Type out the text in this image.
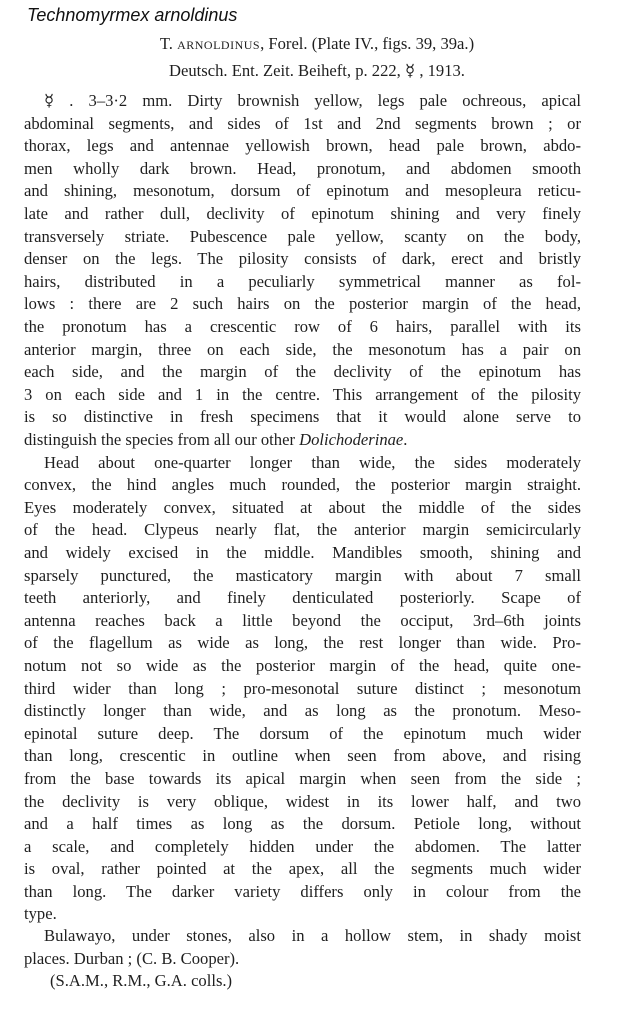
Technomyrmex arnoldinus
T. arnoldinus, Forel. (Plate IV., figs. 39, 39a.)
Deutsch. Ent. Zeit. Beiheft, p. 222, ☿ , 1913.
☿ . 3–3·2 mm. Dirty brownish yellow, legs pale ochreous, apical
abdominal segments, and sides of 1st and 2nd segments brown ; or
thorax, legs and antennae yellowish brown, head pale brown, abdo-
men wholly dark brown. Head, pronotum, and abdomen smooth
and shining, mesonotum, dorsum of epinotum and mesopleura reticu-
late and rather dull, declivity of epinotum shining and very finely
transversely striate. Pubescence pale yellow, scanty on the body,
denser on the legs. The pilosity consists of dark, erect and bristly
hairs, distributed in a peculiarly symmetrical manner as fol-
lows : there are 2 such hairs on the posterior margin of the head,
the pronotum has a crescentic row of 6 hairs, parallel with its
anterior margin, three on each side, the mesonotum has a pair on
each side, and the margin of the declivity of the epinotum has
3 on each side and 1 in the centre. This arrangement of the pilosity
is so distinctive in fresh specimens that it would alone serve to
distinguish the species from all our other Dolichoderinae.
Head about one-quarter longer than wide, the sides moderately
convex, the hind angles much rounded, the posterior margin straight.
Eyes moderately convex, situated at about the middle of the sides
of the head. Clypeus nearly flat, the anterior margin semicircularly
and widely excised in the middle. Mandibles smooth, shining and
sparsely punctured, the masticatory margin with about 7 small
teeth anteriorly, and finely denticulated posteriorly. Scape of
antenna reaches back a little beyond the occiput, 3rd–6th joints
of the flagellum as wide as long, the rest longer than wide. Pro-
notum not so wide as the posterior margin of the head, quite one-
third wider than long ; pro-mesonotal suture distinct ; mesonotum
distinctly longer than wide, and as long as the pronotum. Meso-
epinotal suture deep. The dorsum of the epinotum much wider
than long, crescentic in outline when seen from above, and rising
from the base towards its apical margin when seen from the side ;
the declivity is very oblique, widest in its lower half, and two
and a half times as long as the dorsum. Petiole long, without
a scale, and completely hidden under the abdomen. The latter
is oval, rather pointed at the apex, all the segments much wider
than long. The darker variety differs only in colour from the
type.
Bulawayo, under stones, also in a hollow stem, in shady moist
places. Durban ; (C. B. Cooper).
(S.A.M., R.M., G.A. colls.)
